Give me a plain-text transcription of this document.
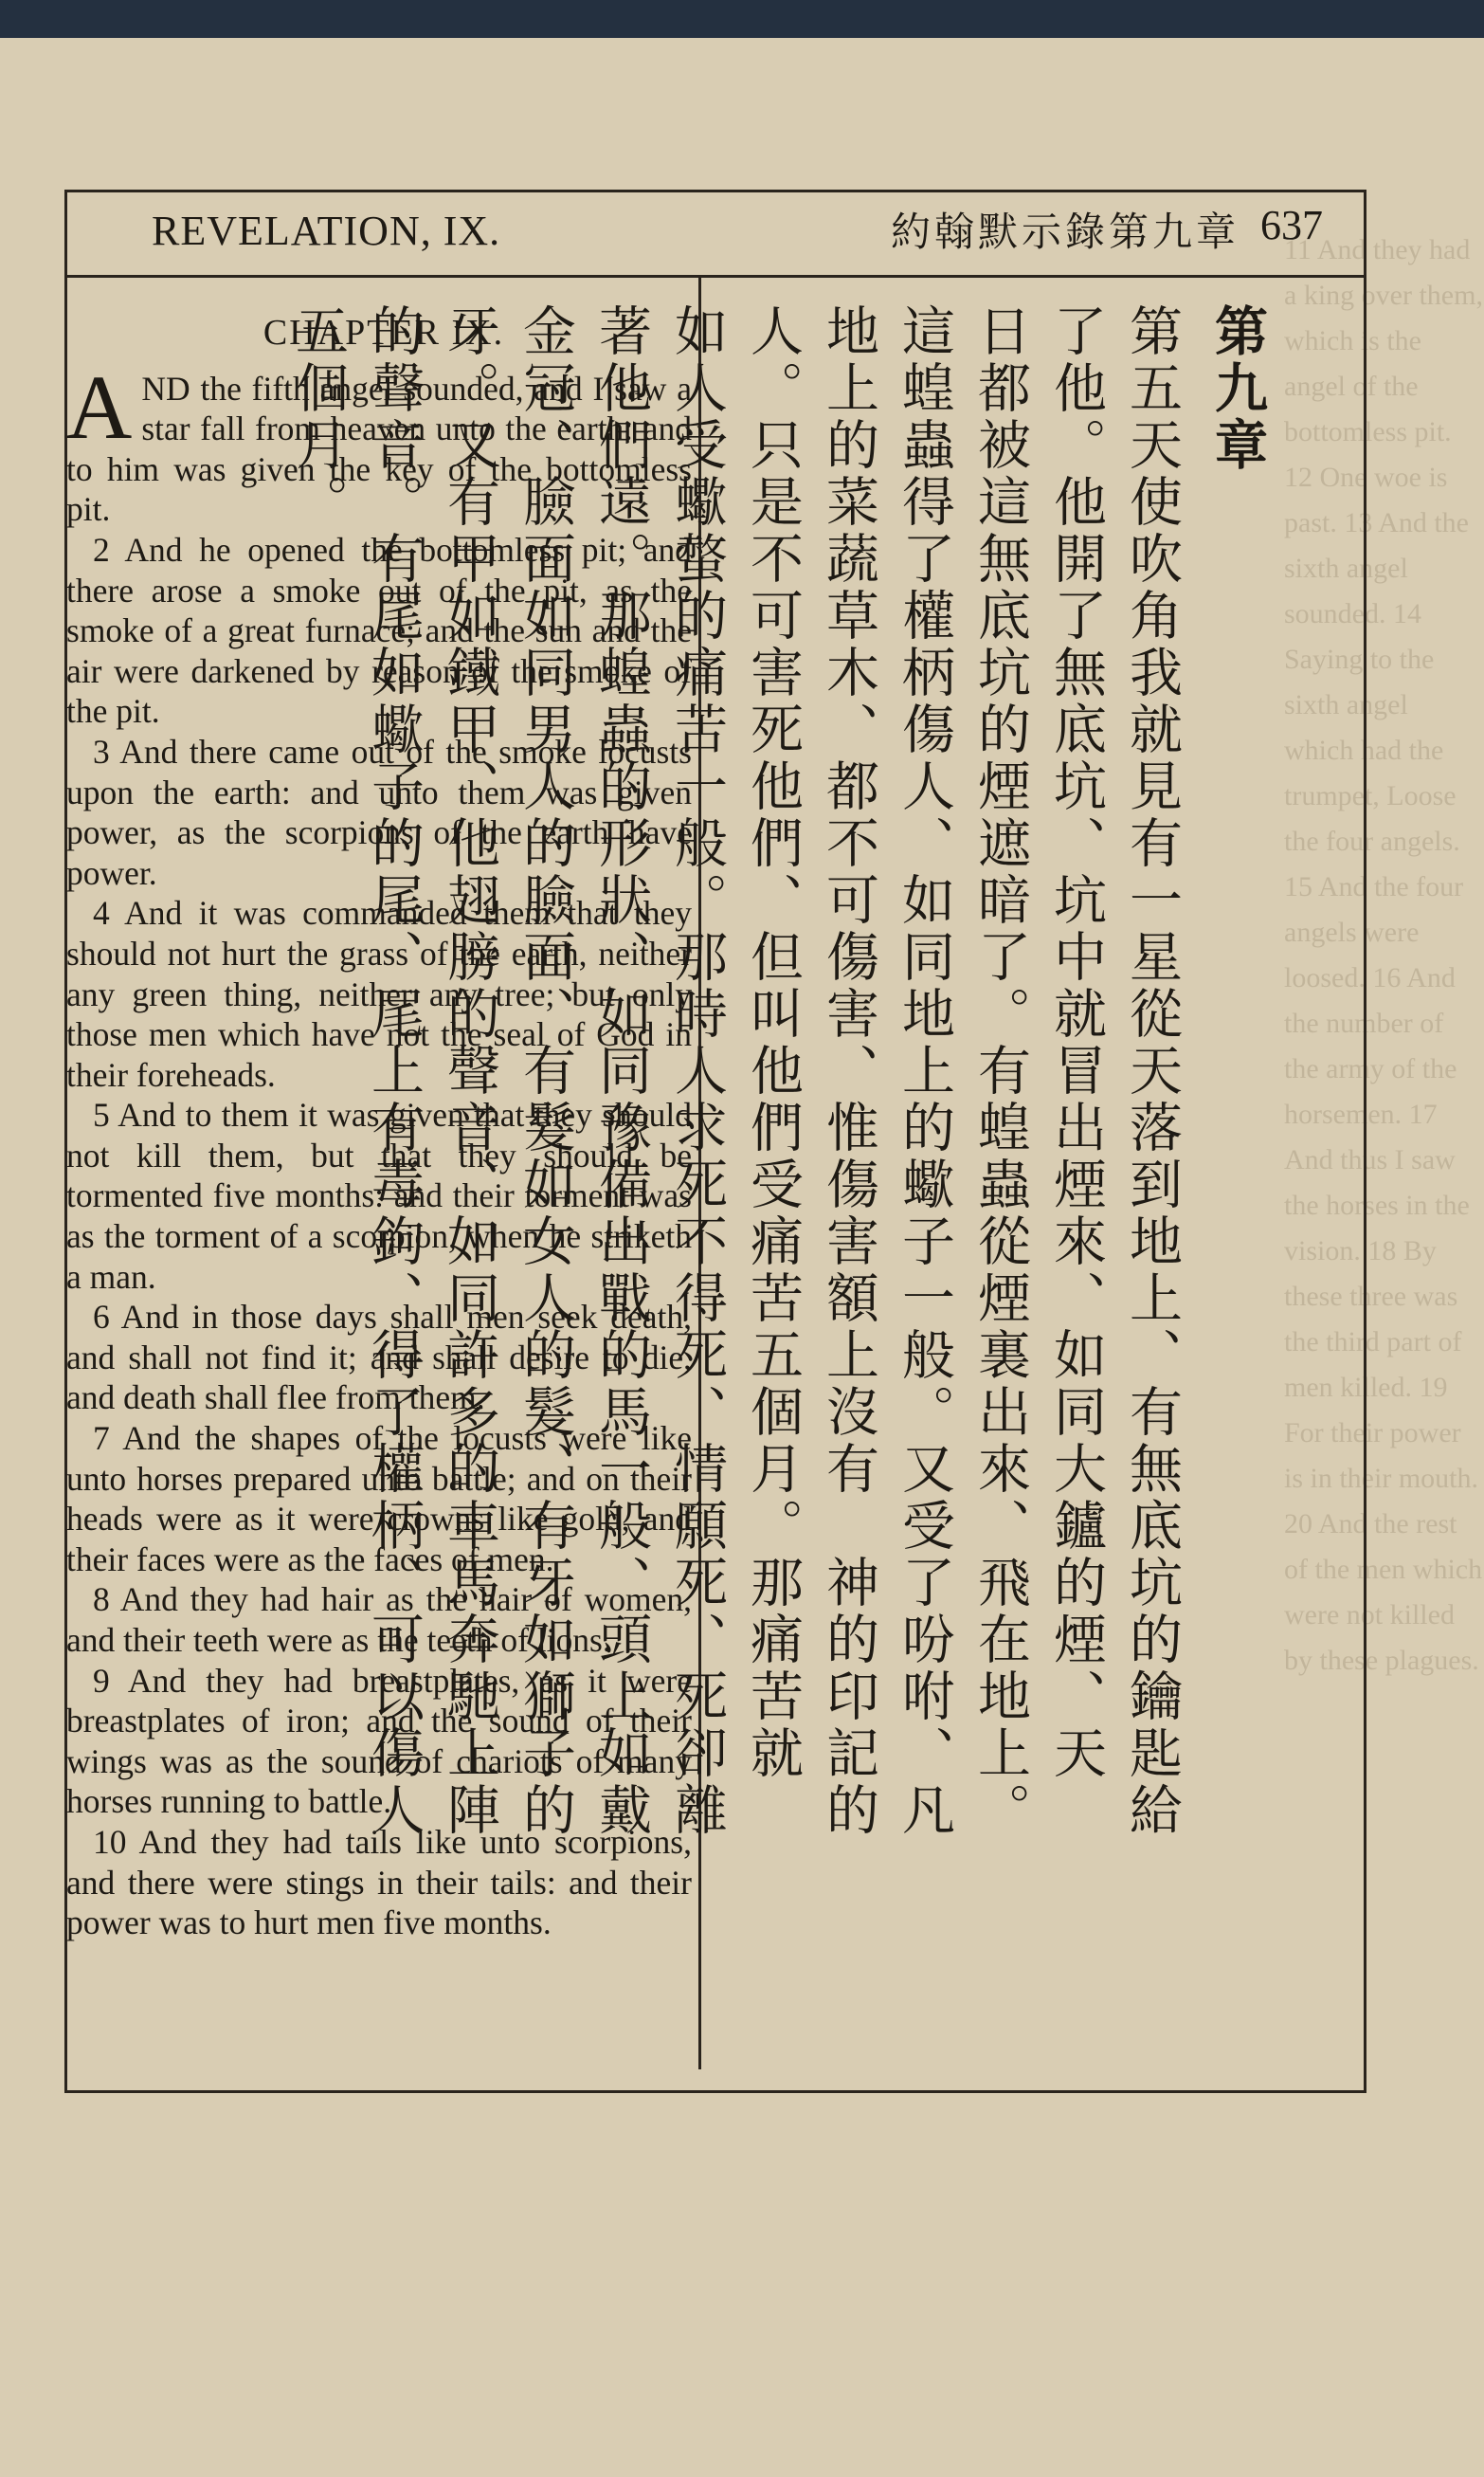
11 And they had a king over them, which is the angel of the bottomless pit. 12 One woe is past. 13 And the sixth angel sounded. 14 Saying to the sixth angel which had the trumpet, Loose the four angels. 15 And the four angels were loosed. 16 And the number of the army of the horsemen. 17 And thus I saw the horses in the vision. 18 By these three was the third part of men killed. 19 For their power is in their mouth. 20 And the rest of the men which were not killed by these plagues.
REVELATION, IX.	約翰默示錄第九章 637
CHAPTER IX.

AND the fifth angel sounded, and I saw a star fall from heaven unto the earth: and to him was given the key of the bottomless pit.

2 And he opened the bottomless pit; and there arose a smoke out of the pit, as the smoke of a great furnace; and the sun and the air were darkened by reason of the smoke of the pit.

3 And there came out of the smoke locusts upon the earth: and unto them was given power, as the scorpions of the earth have power.

4 And it was commanded them that they should not hurt the grass of the earth, neither any green thing, neither any tree; but only those men which have not the seal of God in their foreheads.

5 And to them it was given that they should not kill them, but that they should be tormented five months: and their torment was as the torment of a scorpion, when he striketh a man.

6 And in those days shall men seek death, and shall not find it; and shall desire to die, and death shall flee from them.

7 And the shapes of the locusts were like unto horses prepared unto battle; and on their heads were as it were crowns like gold, and their faces were as the faces of men.

8 And they had hair as the hair of women, and their teeth were as the teeth of lions.

9 And they had breastplates, as it were breastplates of iron; and the sound of their wings was as the sound of chariots of many horses running to battle.

10 And they had tails like unto scorpions, and there were stings in their tails: and their power was to hurt men five months.

第九章
第五天使吹角我就見有一星從天落到地上、有無底坑的鑰匙給了他。他開了無底坑、坑中就冒出煙來、如同大鑪的煙、天
日都被這無底坑的煙遮暗了。有蝗蟲從煙裏出來、飛在地上。這蝗蟲得了權柄傷人、如同地上的蠍子一般。又受了吩咐、凡
地上的菜蔬草木、都不可傷害、惟傷害額上沒有　神的印記的人。只是不可害死他們、但叫他們受痛苦五個月。那痛苦就
如人受蠍螫的痛苦一般。那時人求死不得死、情願死、死卻離著他們遠。那蝗蟲的形狀、如同豫備出戰的馬一般、頭上如戴
金冠、臉面如同男人的臉面、有髮如女人的髮、有牙如獅子的牙。又有甲如鐵甲、他翅膀的聲音、如同許多的車馬奔馳上陣
的聲音。有尾如蠍子的尾、尾上有毒鉤、得了權柄、可以傷人五個月。
